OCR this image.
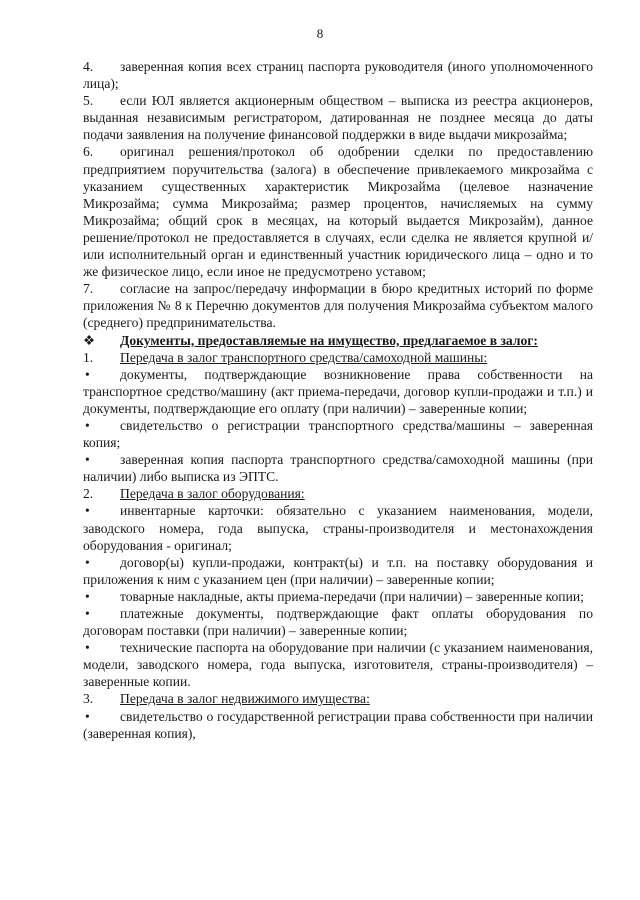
8

4. заверенная копия всех страниц паспорта руководителя (иного уполномоченного лица);

5. если ЮЛ является акционерным обществом – выписка из реестра акционеров, выданная независимым регистратором, датированная не позднее месяца до даты подачи заявления на получение финансовой поддержки в виде выдачи микрозайма;

6. оригинал решения/протокол об одобрении сделки по предоставлению предприятием поручительства (залога) в обеспечение привлекаемого микрозайма с указанием существенных характеристик Микрозайма (целевое назначение Микрозайма; сумма Микрозайма; размер процентов, начисляемых на сумму Микрозайма; общий срок в месяцах, на который выдается Микрозайм), данное решение/протокол не предоставляется в случаях, если сделка не является крупной и/или исполнительный орган и единственный участник юридического лица – одно и то же физическое лицо, если иное не предусмотрено уставом;

7. согласие на запрос/передачу информации в бюро кредитных историй по форме приложения № 8 к Перечню документов для получения Микрозайма субъектом малого (среднего) предпринимательства.

❖ Документы, предоставляемые на имущество, предлагаемое в залог:

1. Передача в залог транспортного средства/самоходной машины:

• документы, подтверждающие возникновение права собственности на транспортное средство/машину (акт приема-передачи, договор купли-продажи и т.п.) и документы, подтверждающие его оплату (при наличии) – заверенные копии;

• свидетельство о регистрации транспортного средства/машины – заверенная копия;

• заверенная копия паспорта транспортного средства/самоходной машины (при наличии) либо выписка из ЭПТС.

2. Передача в залог оборудования:

• инвентарные карточки: обязательно с указанием наименования, модели, заводского номера, года выпуска, страны-производителя и местонахождения оборудования - оригинал;

• договор(ы) купли-продажи, контракт(ы) и т.п. на поставку оборудования и приложения к ним с указанием цен (при наличии) – заверенные копии;

• товарные накладные, акты приема-передачи (при наличии) – заверенные копии;

• платежные документы, подтверждающие факт оплаты оборудования по договорам поставки (при наличии) – заверенные копии;

• технические паспорта на оборудование при наличии (с указанием наименования, модели, заводского номера, года выпуска, изготовителя, страны-производителя) – заверенные копии.

3. Передача в залог недвижимого имущества:

• свидетельство о государственной регистрации права собственности при наличии (заверенная копия),
